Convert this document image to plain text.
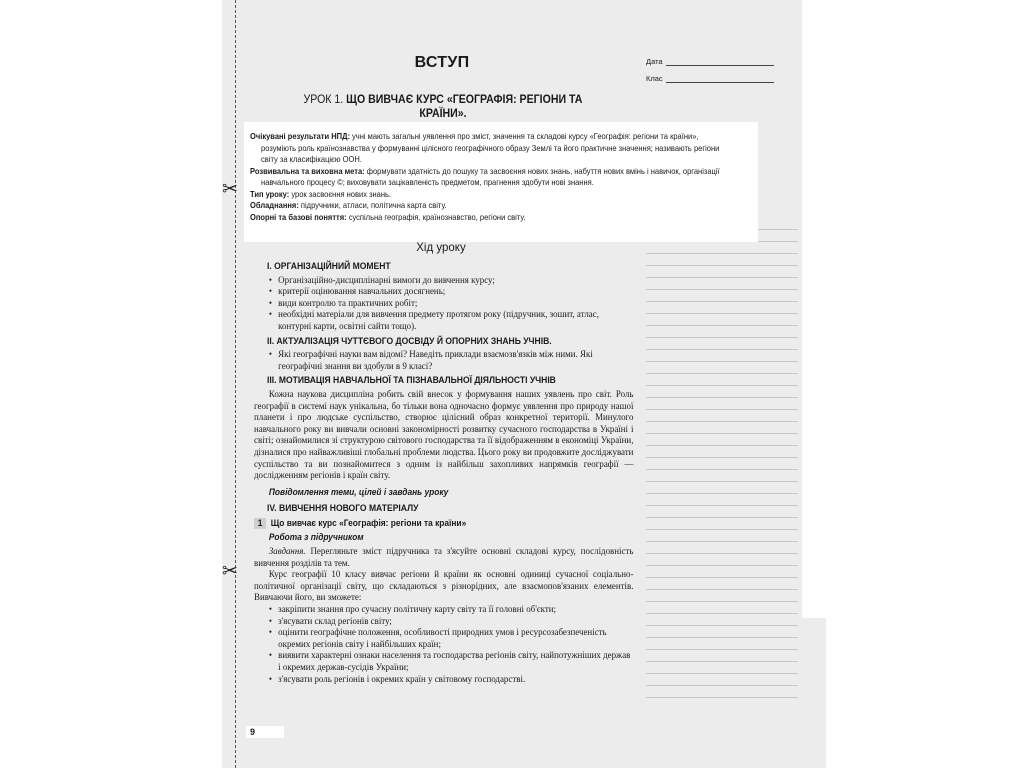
✂
✂
ВСТУП	Дата
Клас
УРОК 1. ЩО ВИВЧАЄ КУРС «ГЕОГРАФІЯ: РЕГІОНИ ТА КРАЇНИ».

Очікувані результати НПД: учні мають загальні уявлення про зміст, значення та складові курсу «Географія: регіони та країни», розуміють роль країнознавства у формуванні цілісного географічного образу Землі та його практичне значення; називають регіони світу за класифікацією ООН.

Розвивальна та виховна мета: формувати здатність до пошуку та засвоєння нових знань, набуття нових вмінь і навичок, організації навчального процесу ©; виховувати зацікавленість предметом, прагнення здобути нові знання.

Тип уроку: урок засвоєння нових знань.

Обладнання: підручники, атласи, політична карта світу.

Опорні та базові поняття: суспільна географія, країнознавство, регіони світу.

Хід уроку
I. ОРГАНІЗАЦІЙНИЙ МОМЕНТ
• Організаційно-дисциплінарні вимоги до вивчення курсу;
• критерії оцінювання навчальних досягнень;
• види контролю та практичних робіт;
• необхідні матеріали для вивчення предмету протягом року (підручник, зошит, атлас, контурні карти, освітні сайти тощо).
II. АКТУАЛІЗАЦІЯ ЧУТТЄВОГО ДОСВІДУ Й ОПОРНИХ ЗНАНЬ УЧНІВ.
• Які географічні науки вам відомі? Наведіть приклади взаємозв'язків між ними. Які географічні знання ви здобули в 9 класі?
III. МОТИВАЦІЯ НАВЧАЛЬНОЇ ТА ПІЗНАВАЛЬНОЇ ДІЯЛЬНОСТІ УЧНІВ

Кожна наукова дисципліна робить свій внесок у формування наших уявлень про світ. Роль географії в системі наук унікальна, бо тільки вона одночасно формує уявлення про природу нашої планети і про людське суспільство, створює цілісний образ конкретної території. Минулого навчального року ви вивчали основні закономірності розвитку сучасного господарства в Україні і світі; ознайомилися зі структурою світового господарства та її відображенням в економіці України, дізналися про найважливіші глобальні проблеми людства. Цього року ви продовжите досліджувати суспільство та ви познайомитеся з одним із найбільш захопливих напрямків географії — дослідженням регіонів і країн світу.

Повідомлення теми, цілей і завдань уроку

IV. ВИВЧЕННЯ НОВОГО МАТЕРІАЛУ
1 Що вивчає курс «Географія: регіони та країни»

Робота з підручником

Завдання. Перегляньте зміст підручника та з'ясуйте основні складові курсу, послідовність вивчення розділів та тем.

Курс географії 10 класу вивчає регіони й країни як основні одиниці сучасної соціально-політичної організації світу, що складаються з різнорідних, але взаємопов'язаних елементів. Вивчаючи його, ви зможете:

• закріпити знання про сучасну політичну карту світу та її головні об'єкти;
• з'ясувати склад регіонів світу;
• оцінити географічне положення, особливості природних умов і ресурсозабезпеченість окремих регіонів світу і найбільших країн;
• виявити характерні ознаки населення та господарства регіонів світу, найпотужніших держав і окремих держав-сусідів України;
• з'ясувати роль регіонів і окремих країн у світовому господарстві.
9
